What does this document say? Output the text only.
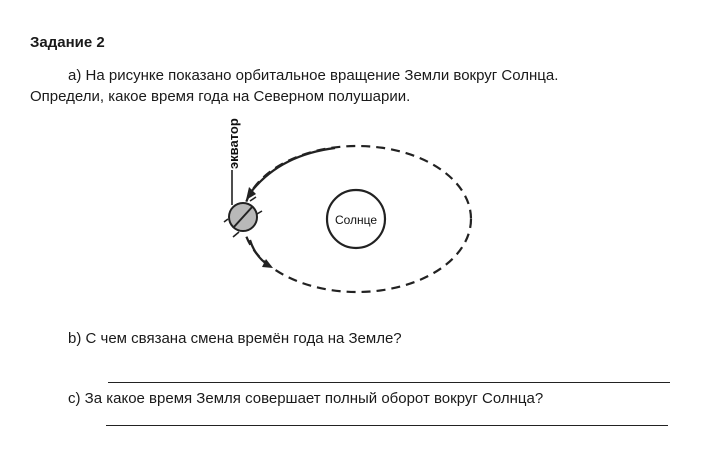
Задание 2
a) На рисунке показано орбитальное вращение Земли вокруг Солнца.
Определи, какое время года на Северном полушарии.
Солнце
экватор
b) С чем связана смена времён года на Земле?
c) За какое время Земля совершает полный оборот вокруг Солнца?
